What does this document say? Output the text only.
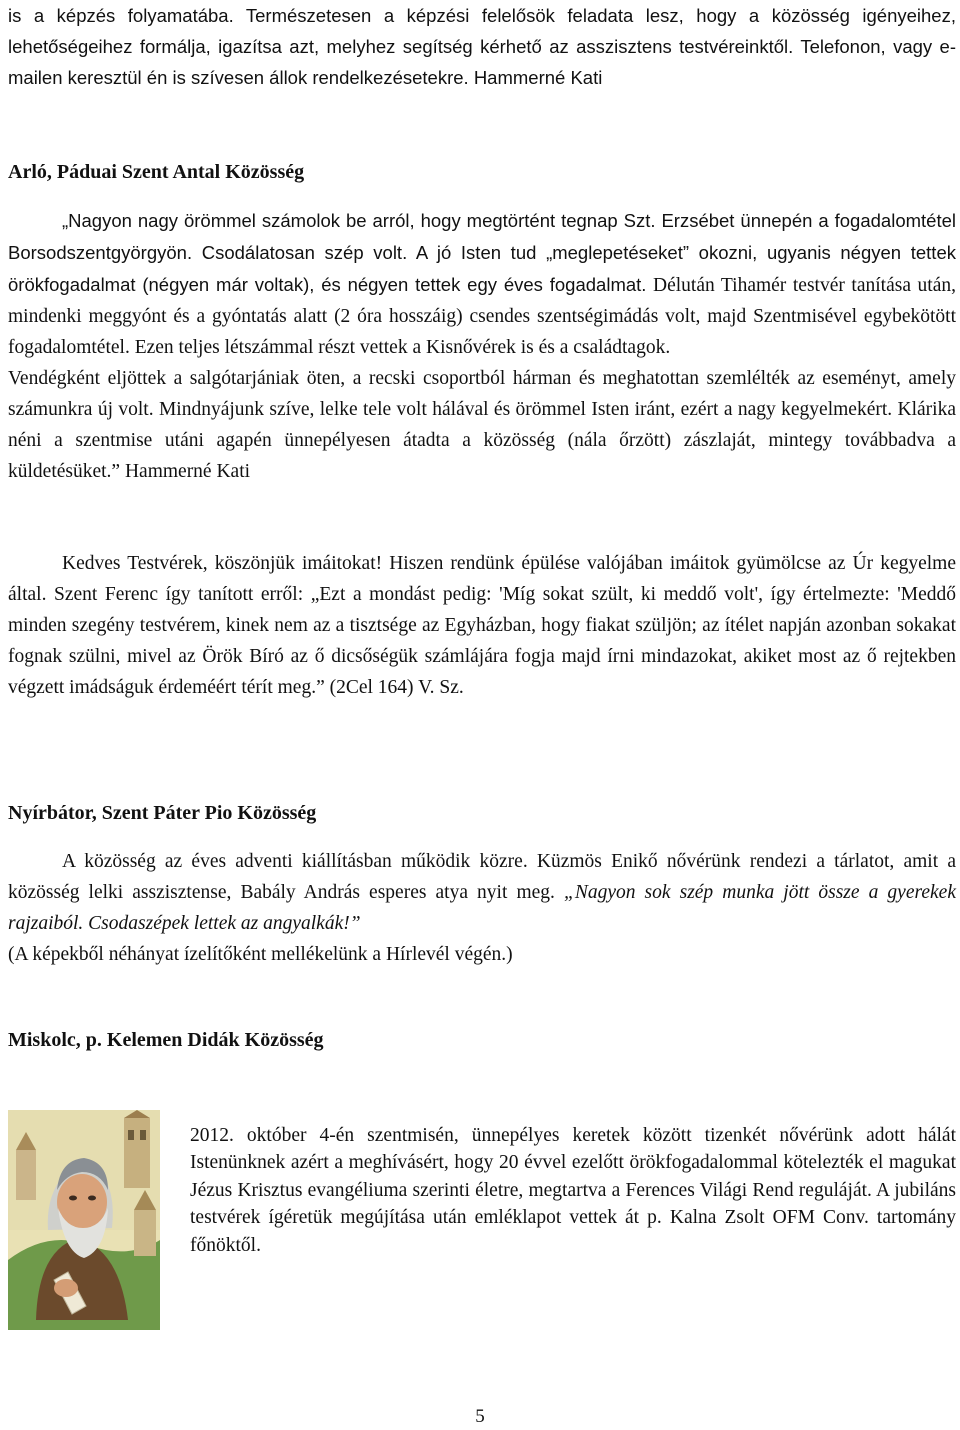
is a képzés folyamatába. Természetesen a képzési felelősök feladata lesz, hogy a közösség igényeihez, lehetőségeihez formálja, igazítsa azt, melyhez segítség kérhető az asszisztens testvéreinktől. Telefonon, vagy e-mailen keresztül én is szívesen állok rendelkezésetekre. Hammerné Kati

Arló, Páduai Szent Antal Közösség

„Nagyon nagy örömmel számolok be arról, hogy megtörtént tegnap Szt. Erzsébet ünnepén a fogadalomtétel Borsodszentgyörgyön. Csodálatosan szép volt. A jó Isten tud „meglepetéseket” okozni, ugyanis négyen tettek örökfogadalmat (négyen már voltak), és négyen tettek egy éves fogadalmat. Délután Tihamér testvér tanítása után, mindenki meggyónt és a gyóntatás alatt (2 óra hosszáig) csendes szentségimádás volt, majd Szentmisével egybekötött fogadalomtétel. Ezen teljes létszámmal részt vettek a Kisnővérek is és a családtagok.

Vendégként eljöttek a salgótarjániak öten, a recski csoportból hárman és meghatottan szemlélték az eseményt, amely számunkra új volt. Mindnyájunk szíve, lelke tele volt hálával és örömmel Isten iránt, ezért a nagy kegyelmekért. Klárika néni a szentmise utáni agapén ünnepélyesen átadta a közösség (nála őrzött) zászlaját, mintegy továbbadva a küldetésüket.” Hammerné Kati

Kedves Testvérek, köszönjük imáitokat! Hiszen rendünk épülése valójában imáitok gyümölcse az Úr kegyelme által. Szent Ferenc így tanított erről: „Ezt a mondást pedig: 'Míg sokat szült, ki meddő volt', így értelmezte: 'Meddő minden szegény testvérem, kinek nem az a tisztsége az Egyházban, hogy fiakat szüljön; az ítélet napján azonban sokakat fognak szülni, mivel az Örök Bíró az ő dicsőségük számlájára fogja majd írni mindazokat, akiket most az ő rejtekben végzett imádságuk érdeméért térít meg.” (2Cel 164) V. Sz.

Nyírbátor, Szent Páter Pio Közösség

A közösség az éves adventi kiállításban működik közre. Küzmös Enikő nővérünk rendezi a tárlatot, amit a közösség lelki asszisztense, Babály András esperes atya nyit meg. „Nagyon sok szép munka jött össze a gyerekek rajzaiból. Csodaszépek lettek az angyalkák!”

(A képekből néhányat ízelítőként mellékelünk a Hírlevél végén.)

Miskolc, p. Kelemen Didák Közösség

2012. október 4-én szentmisén, ünnepélyes keretek között tizenkét nővérünk adott hálát Istenünknek azért a meghívásért, hogy 20 évvel ezelőtt örökfogadalommal kötelezték el magukat Jézus Krisztus evangéliuma szerinti életre, megtartva a Ferences Világi Rend reguláját. A jubiláns testvérek ígéretük megújítása után emléklapot vettek át p. Kalna Zsolt OFM Conv. tartomány főnöktől.

5
